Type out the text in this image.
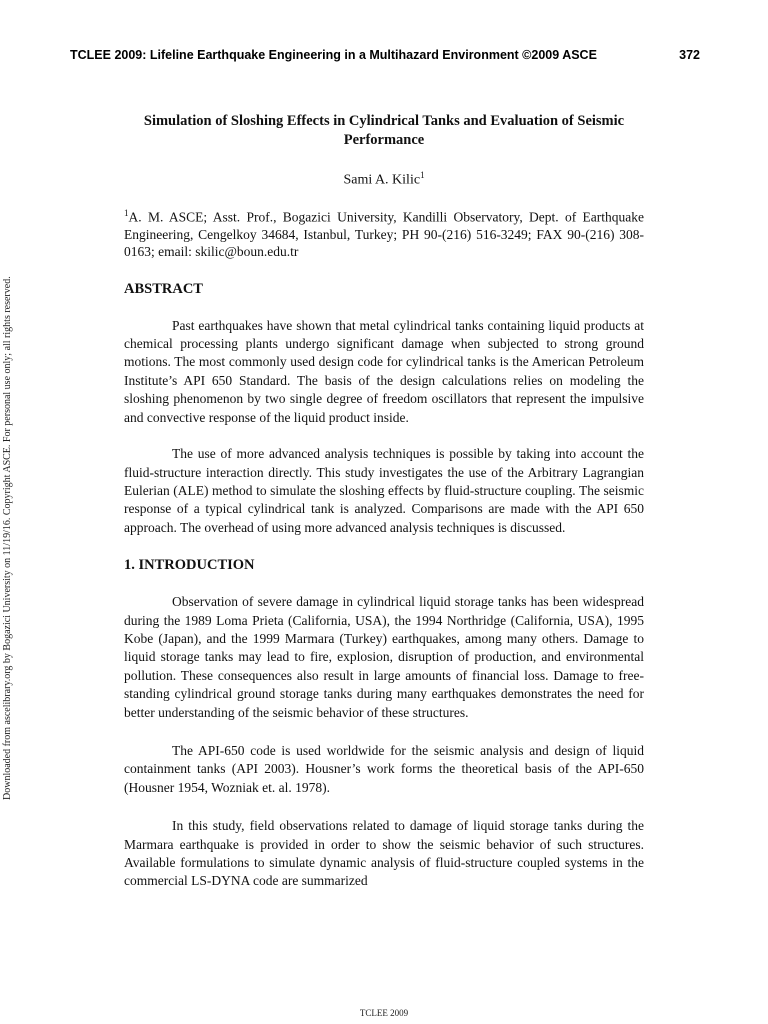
TCLEE 2009: Lifeline Earthquake Engineering in a Multihazard Environment ©2009 ASCE	372
Downloaded from ascelibrary.org by Bogazici University on 11/19/16. Copyright ASCE. For personal use only; all rights reserved.
Simulation of Sloshing Effects in Cylindrical Tanks and Evaluation of Seismic Performance
Sami A. Kilic$^1$
$^1$A. M. ASCE; Asst. Prof., Bogazici University, Kandilli Observatory, Dept. of Earthquake Engineering, Cengelkoy 34684, Istanbul, Turkey; PH 90-(216) 516-3249; FAX 90-(216) 308-0163; email: skilic@boun.edu.tr
ABSTRACT

Past earthquakes have shown that metal cylindrical tanks containing liquid products at chemical processing plants undergo significant damage when subjected to strong ground motions. The most commonly used design code for cylindrical tanks is the American Petroleum Institute’s API 650 Standard. The basis of the design calculations relies on modeling the sloshing phenomenon by two single degree of freedom oscillators that represent the impulsive and convective response of the liquid product inside.

The use of more advanced analysis techniques is possible by taking into account the fluid-structure interaction directly. This study investigates the use of the Arbitrary Lagrangian Eulerian (ALE) method to simulate the sloshing effects by fluid-structure coupling. The seismic response of a typical cylindrical tank is analyzed. Comparisons are made with the API 650 approach. The overhead of using more advanced analysis techniques is discussed.

1. INTRODUCTION

Observation of severe damage in cylindrical liquid storage tanks has been widespread during the 1989 Loma Prieta (California, USA), the 1994 Northridge (California, USA), 1995 Kobe (Japan), and the 1999 Marmara (Turkey) earthquakes, among many others. Damage to liquid storage tanks may lead to fire, explosion, disruption of production, and environmental pollution. These consequences also result in large amounts of financial loss. Damage to free-standing cylindrical ground storage tanks during many earthquakes demonstrates the need for better understanding of the seismic behavior of these structures.

The API-650 code is used worldwide for the seismic analysis and design of liquid containment tanks (API 2003). Housner’s work forms the theoretical basis of the API-650 (Housner 1954, Wozniak et. al. 1978).

In this study, field observations related to damage of liquid storage tanks during the Marmara earthquake is provided in order to show the seismic behavior of such structures. Available formulations to simulate dynamic analysis of fluid-structure coupled systems in the commercial LS-DYNA code are summarized

TCLEE 2009
